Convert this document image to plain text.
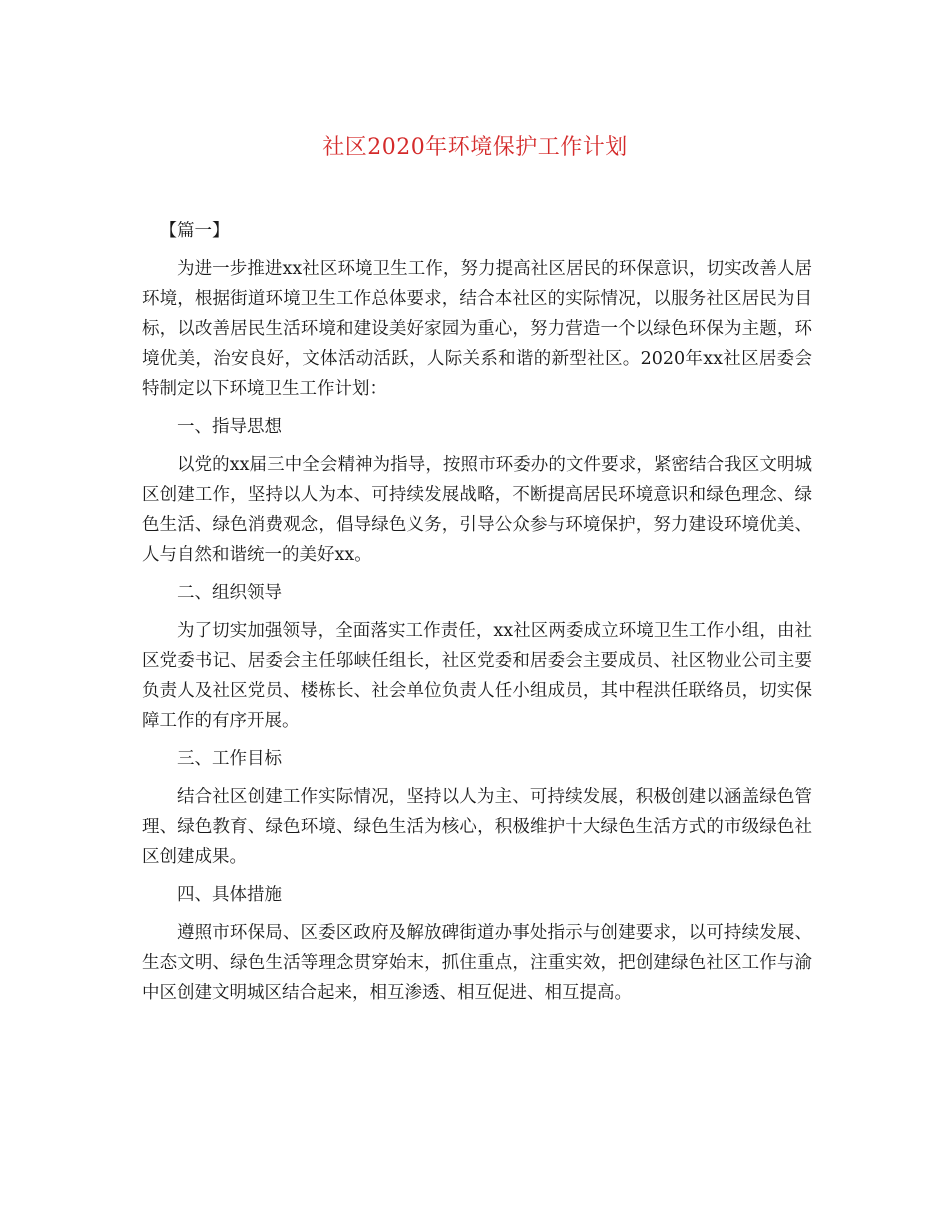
社区2020年环境保护工作计划

【篇一】

为进一步推进xx社区环境卫生工作，努力提高社区居民的环保意识，切实改善人居环境，根据街道环境卫生工作总体要求，结合本社区的实际情况，以服务社区居民为目标，以改善居民生活环境和建设美好家园为重心，努力营造一个以绿色环保为主题，环境优美，治安良好，文体活动活跃，人际关系和谐的新型社区。2020年xx社区居委会特制定以下环境卫生工作计划：

一、指导思想

以党的xx届三中全会精神为指导，按照市环委办的文件要求，紧密结合我区文明城区创建工作，坚持以人为本、可持续发展战略，不断提高居民环境意识和绿色理念、绿色生活、绿色消费观念，倡导绿色义务，引导公众参与环境保护，努力建设环境优美、人与自然和谐统一的美好xx。

二、组织领导

为了切实加强领导，全面落实工作责任，xx社区两委成立环境卫生工作小组，由社区党委书记、居委会主任邬峡任组长，社区党委和居委会主要成员、社区物业公司主要负责人及社区党员、楼栋长、社会单位负责人任小组成员，其中程洪任联络员，切实保障工作的有序开展。

三、工作目标

结合社区创建工作实际情况，坚持以人为主、可持续发展，积极创建以涵盖绿色管理、绿色教育、绿色环境、绿色生活为核心，积极维护十大绿色生活方式的市级绿色社区创建成果。

四、具体措施

遵照市环保局、区委区政府及解放碑街道办事处指示与创建要求，以可持续发展、生态文明、绿色生活等理念贯穿始末，抓住重点，注重实效，把创建绿色社区工作与渝中区创建文明城区结合起来，相互渗透、相互促进、相互提高。
